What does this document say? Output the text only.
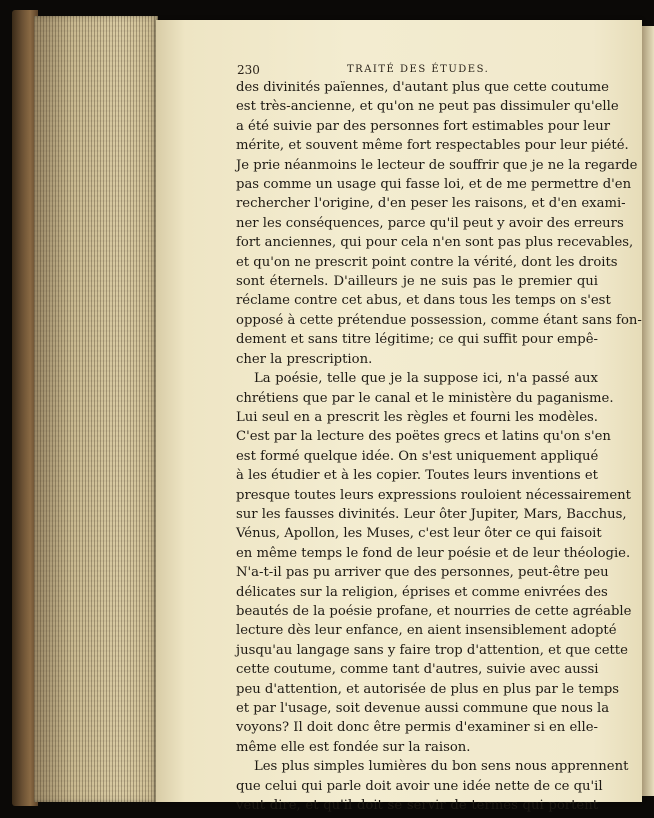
230	TRAITÉ DES ÉTUDES.
des divinités païennes, d'autant plus que cette coutume
est très-ancienne, et qu'on ne peut pas dissimuler qu'elle
a été suivie par des personnes fort estimables pour leur
mérite, et souvent même fort respectables pour leur piété.
Je prie néanmoins le lecteur de souffrir que je ne la regarde
pas comme un usage qui fasse loi, et de me permettre d'en
rechercher l'origine, d'en peser les raisons, et d'en exami-
ner les conséquences, parce qu'il peut y avoir des erreurs
fort anciennes, qui pour cela n'en sont pas plus recevables,
et qu'on ne prescrit point contre la vérité, dont les droits
sont éternels. D'ailleurs je ne suis pas le premier qui
réclame contre cet abus, et dans tous les temps on s'est
opposé à cette prétendue possession, comme étant sans fon-
dement et sans titre légitime; ce qui suffit pour empê-
cher la prescription.
La poésie, telle que je la suppose ici, n'a passé aux
chrétiens que par le canal et le ministère du paganisme.
Lui seul en a prescrit les règles et fourni les modèles.
C'est par la lecture des poëtes grecs et latins qu'on s'en
est formé quelque idée. On s'est uniquement appliqué
à les étudier et à les copier. Toutes leurs inventions et
presque toutes leurs expressions rouloient nécessairement
sur les fausses divinités. Leur ôter Jupiter, Mars, Bacchus,
Vénus, Apollon, les Muses, c'est leur ôter ce qui faisoit
en même temps le fond de leur poésie et de leur théologie.
N'a-t-il pas pu arriver que des personnes, peut-être peu
délicates sur la religion, éprises et comme enivrées des
beautés de la poésie profane, et nourries de cette agréable
lecture dès leur enfance, en aient insensiblement adopté
jusqu'au langage sans y faire trop d'attention, et que cette
cette coutume, comme tant d'autres, suivie avec aussi
peu d'attention, et autorisée de plus en plus par le temps
et par l'usage, soit devenue aussi commune que nous la
voyons? Il doit donc être permis d'examiner si en elle-
même elle est fondée sur la raison.
Les plus simples lumières du bon sens nous apprennent
que celui qui parle doit avoir une idée nette de ce qu'il
veut dire, et qu'il doit se servir de termes qui portent
